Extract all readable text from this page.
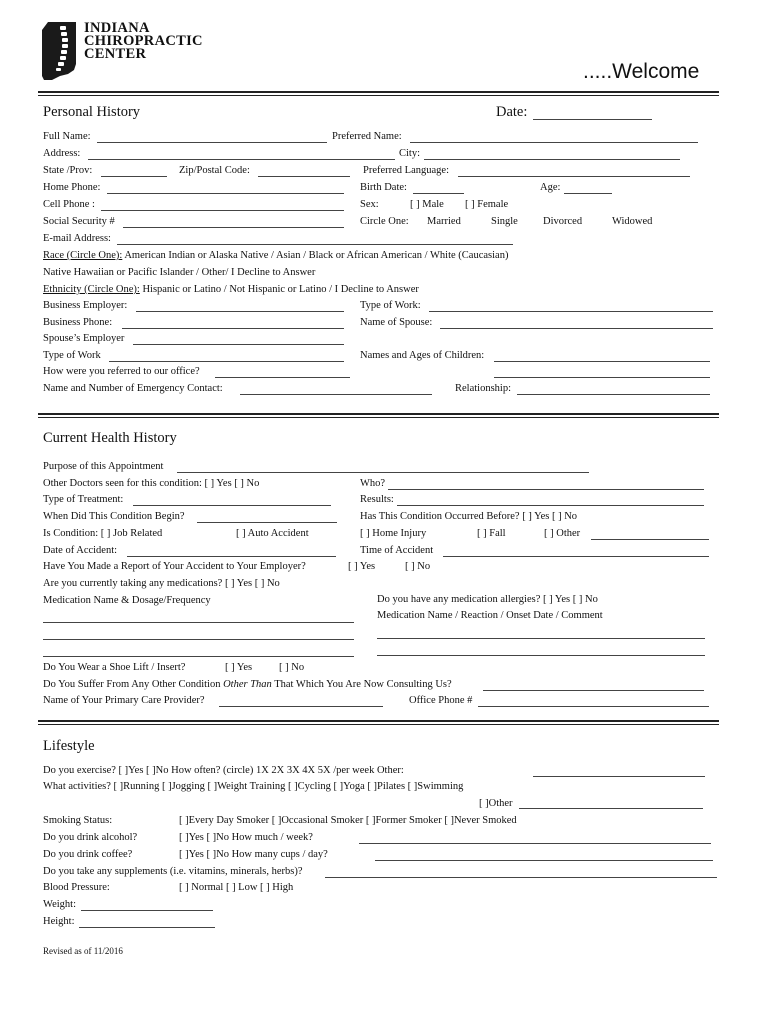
INDIANA
CHIROPRACTIC
CENTER
.....Welcome
Personal History	Date:
Full Name:	Preferred Name:
Address:	City:
State /Prov:	Zip/Postal Code:	Preferred Language:
Home Phone:	Birth Date:	Age:
Cell Phone :	Sex:	[ ] Male [ ] Female
Social Security #	Circle One: Married	Single Divorced	Widowed
E-mail Address:
Race (Circle One): American Indian or Alaska Native / Asian / Black or African American / White (Caucasian)
Native Hawaiian or Pacific Islander / Other/ I Decline to Answer
Ethnicity (Circle One): Hispanic or Latino / Not Hispanic or Latino / I Decline to Answer
Business Employer:	Type of Work:
Business Phone:	Name of Spouse:
Spouse’s Employer
Type of Work	Names and Ages of Children:
How were you referred to our office?
Name and Number of Emergency Contact:	Relationship:
Current Health History
Purpose of this Appointment
Other Doctors seen for this condition: [ ] Yes [ ] No	Who?
Type of Treatment:	Results:
When Did This Condition Begin?	Has This Condition Occurred Before? [ ] Yes [ ] No
Is Condition: [ ] Job Related	[ ] Auto Accident	[ ] Home Injury	[ ] Fall	[ ] Other
Date of Accident:	Time of Accident
Have You Made a Report of Your Accident to Your Employer?	[ ] Yes	[ ] No
Are you currently taking any medications? [ ] Yes [ ] No
Medication Name & Dosage/Frequency	Do you have any medication allergies? [ ] Yes [ ] No
Medication Name / Reaction / Onset Date / Comment
Do You Wear a Shoe Lift / Insert?	[ ] Yes	[ ] No
Do You Suffer From Any Other Condition Other Than That Which You Are Now Consulting Us?
Name of Your Primary Care Provider?	Office Phone #
Lifestyle
Do you exercise? [ ]Yes [ ]No How often? (circle) 1X 2X 3X 4X 5X /per week Other:
What activities? [ ]Running [ ]Jogging [ ]Weight Training [ ]Cycling [ ]Yoga [ ]Pilates [ ]Swimming
[ ]Other
Smoking Status:	[ ]Every Day Smoker [ ]Occasional Smoker [ ]Former Smoker [ ]Never Smoked
Do you drink alcohol?	[ ]Yes [ ]No How much / week?
Do you drink coffee?	[ ]Yes [ ]No How many cups / day?
Do you take any supplements (i.e. vitamins, minerals, herbs)?
Blood Pressure:	[ ] Normal [ ] Low [ ] High
Weight:
Height:
Revised as of 11/2016
